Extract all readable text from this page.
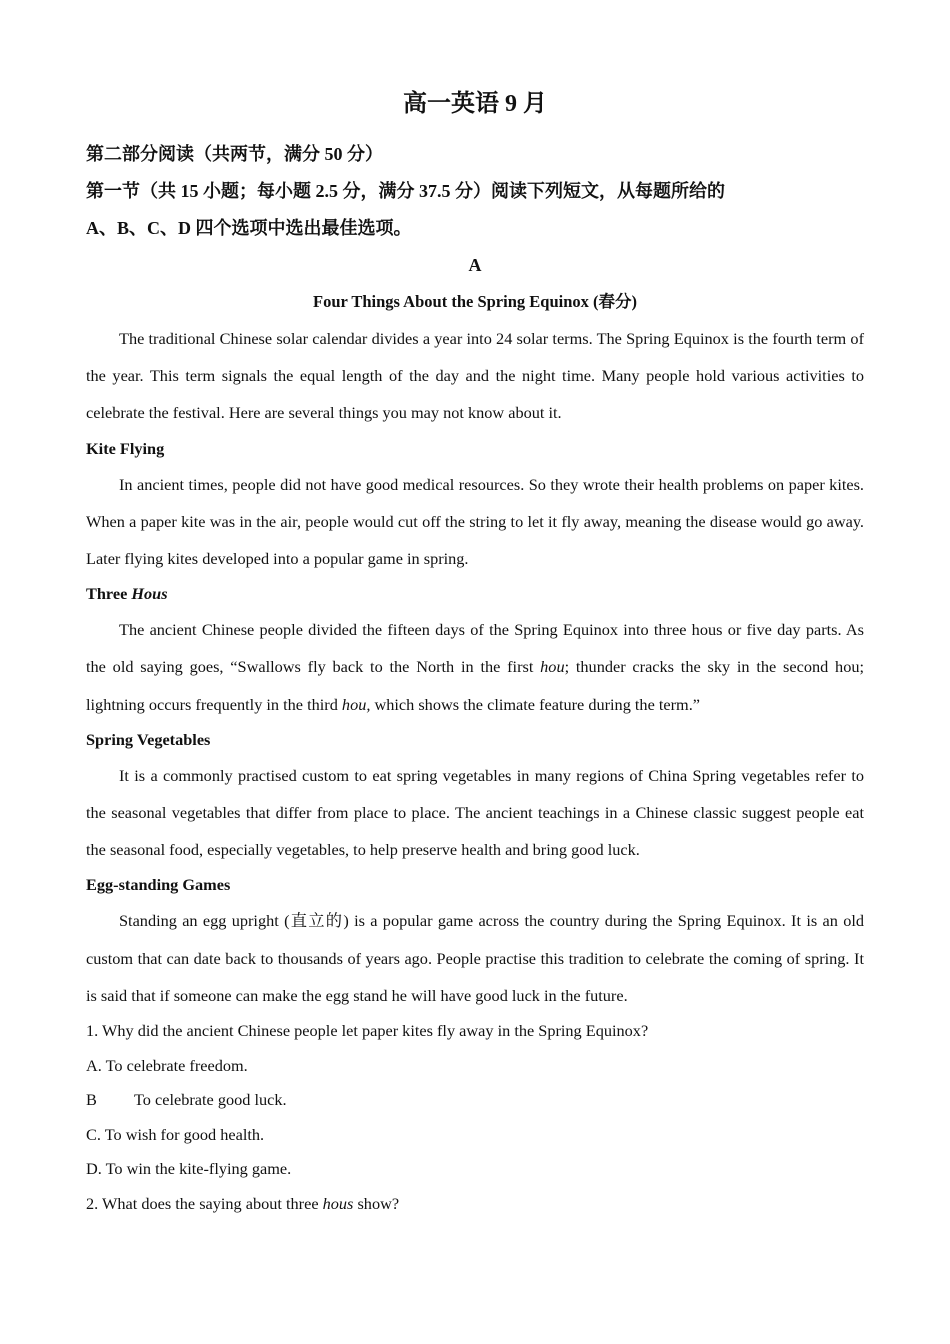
高一英语 9 月

第二部分阅读（共两节，满分 50 分）

第一节（共 15 小题；每小题 2.5 分，满分 37.5 分）阅读下列短文，从每题所给的

A、B、C、D 四个选项中选出最佳选项。

A

Four Things About the Spring Equinox (春分)

The traditional Chinese solar calendar divides a year into 24 solar terms. The Spring Equinox is the fourth term of the year. This term signals the equal length of the day and the night time. Many people hold various activities to celebrate the festival. Here are several things you may not know about it.

Kite Flying

In ancient times, people did not have good medical resources. So they wrote their health problems on paper kites. When a paper kite was in the air, people would cut off the string to let it fly away, meaning the disease would go away. Later flying kites developed into a popular game in spring.

Three Hous

The ancient Chinese people divided the fifteen days of the Spring Equinox into three hous or five day parts. As the old saying goes, “Swallows fly back to the North in the first hou; thunder cracks the sky in the second hou; lightning occurs frequently in the third hou, which shows the climate feature during the term.”

Spring Vegetables

It is a commonly practised custom to eat spring vegetables in many regions of China Spring vegetables refer to the seasonal vegetables that differ from place to place. The ancient teachings in a Chinese classic suggest people eat the seasonal food, especially vegetables, to help preserve health and bring good luck.

Egg-standing Games

Standing an egg upright (直立的) is a popular game across the country during the Spring Equinox. It is an old custom that can date back to thousands of years ago. People practise this tradition to celebrate the coming of spring. It is said that if someone can make the egg stand he will have good luck in the future.

1. Why did the ancient Chinese people let paper kites fly away in the Spring Equinox?

A. To celebrate freedom.

B To celebrate good luck.

C. To wish for good health.

D. To win the kite-flying game.

2. What does the saying about three hous show?
